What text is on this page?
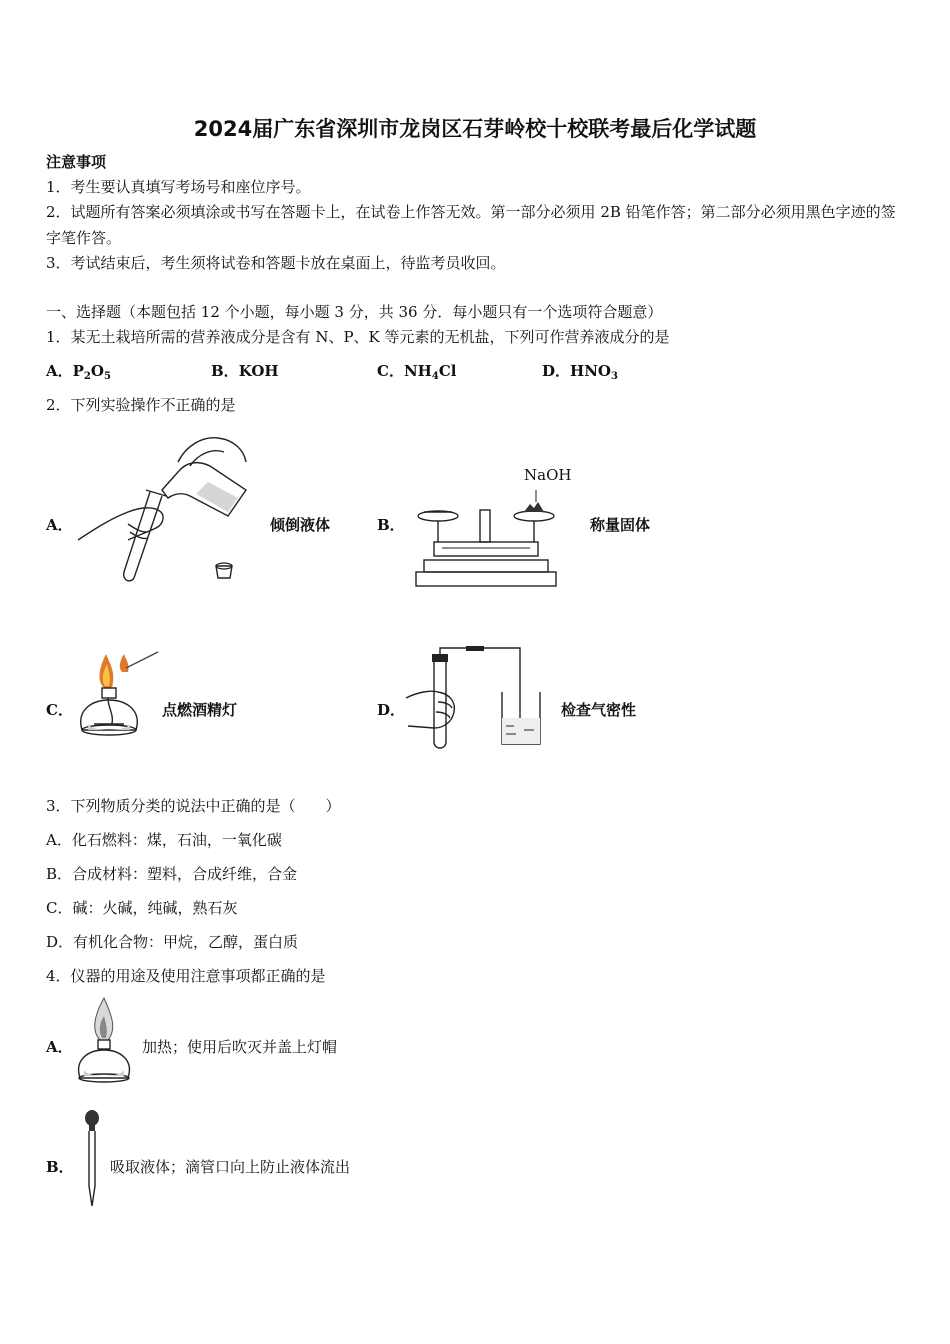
2024届广东省深圳市龙岗区石芽岭校十校联考最后化学试题
注意事项
1．考生要认真填写考场号和座位序号。
2．试题所有答案必须填涂或书写在答题卡上，在试卷上作答无效。第一部分必须用 2B 铅笔作答；第二部分必须用黑色字迹的签字笔作答。
3．考试结束后，考生须将试卷和答题卡放在桌面上，待监考员收回。
一、选择题（本题包括 12 个小题，每小题 3 分，共 36 分．每小题只有一个选项符合题意）
1．某无土栽培所需的营养液成分是含有 N、P、K 等元素的无机盐，下列可作营养液成分的是
A．$P_2O_5$	B．KOH	C．$NH_4Cl$	D．$HNO_3$
2．下列实验操作不正确的是
A．	倾倒液体	B．
NaOH
称量固体
C．	点燃酒精灯	D．	检查气密性
3．下列物质分类的说法中正确的是（　　）
A．化石燃料：煤，石油，一氧化碳
B．合成材料：塑料，合成纤维，合金
C．碱：火碱，纯碱，熟石灰
D．有机化合物：甲烷，乙醇，蛋白质
4．仪器的用途及使用注意事项都正确的是
A．	加热；使用后吹灭并盖上灯帽
B． 吸取液体；滴管口向上防止液体流出
